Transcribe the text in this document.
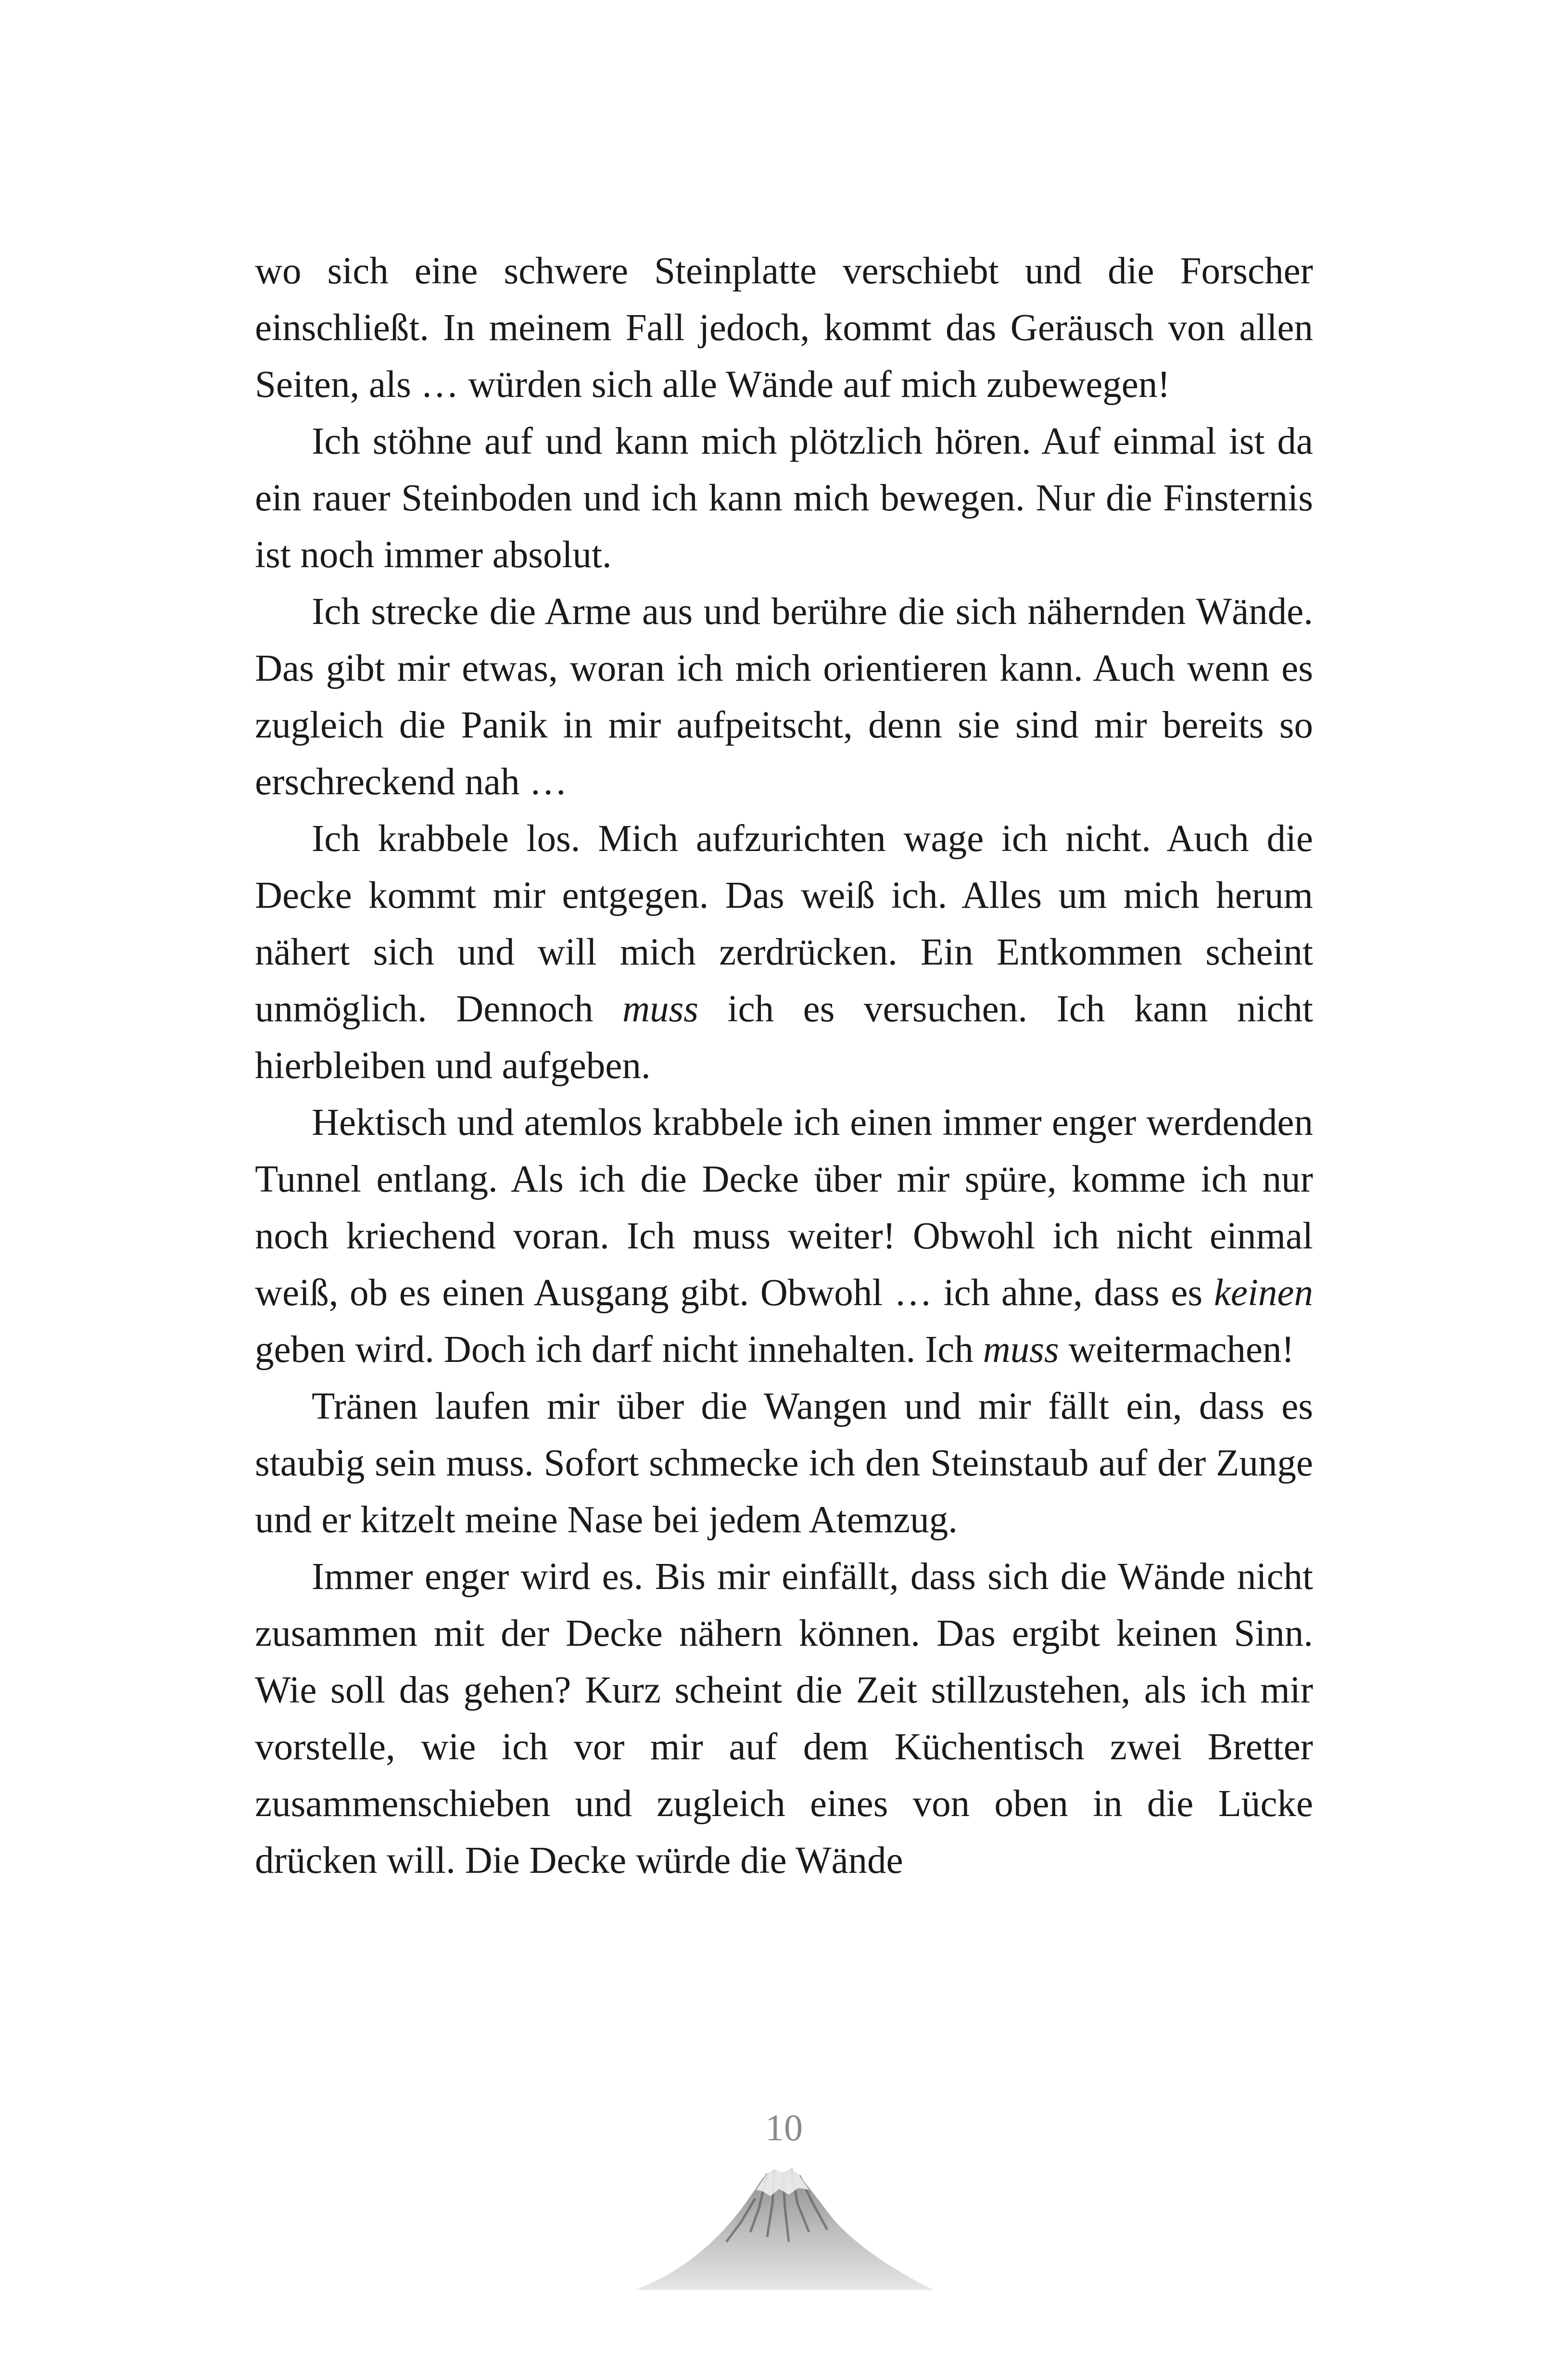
wo sich eine schwere Steinplatte verschiebt und die Forscher einschließt. In meinem Fall jedoch, kommt das Geräusch von allen Seiten, als … würden sich alle Wände auf mich zubewegen!

Ich stöhne auf und kann mich plötzlich hören. Auf einmal ist da ein rauer Steinboden und ich kann mich bewegen. Nur die Finsternis ist noch immer absolut.

Ich strecke die Arme aus und berühre die sich nähernden Wände. Das gibt mir etwas, woran ich mich orientieren kann. Auch wenn es zugleich die Panik in mir aufpeitscht, denn sie sind mir bereits so erschreckend nah …

Ich krabbele los. Mich aufzurichten wage ich nicht. Auch die Decke kommt mir entgegen. Das weiß ich. Alles um mich herum nähert sich und will mich zerdrücken. Ein Entkommen scheint unmöglich. Dennoch muss ich es versuchen. Ich kann nicht hierbleiben und aufgeben.

Hektisch und atemlos krabbele ich einen immer enger werdenden Tunnel entlang. Als ich die Decke über mir spüre, komme ich nur noch kriechend voran. Ich muss weiter! Obwohl ich nicht einmal weiß, ob es einen Ausgang gibt. Obwohl … ich ahne, dass es keinen geben wird. Doch ich darf nicht innehalten. Ich muss weitermachen!

Tränen laufen mir über die Wangen und mir fällt ein, dass es staubig sein muss. Sofort schmecke ich den Steinstaub auf der Zunge und er kitzelt meine Nase bei jedem Atemzug.

Immer enger wird es. Bis mir einfällt, dass sich die Wände nicht zusammen mit der Decke nähern können. Das ergibt keinen Sinn. Wie soll das gehen? Kurz scheint die Zeit stillzustehen, als ich mir vorstelle, wie ich vor mir auf dem Küchentisch zwei Bretter zusammenschieben und zugleich eines von oben in die Lücke drücken will. Die Decke würde die Wände

10
